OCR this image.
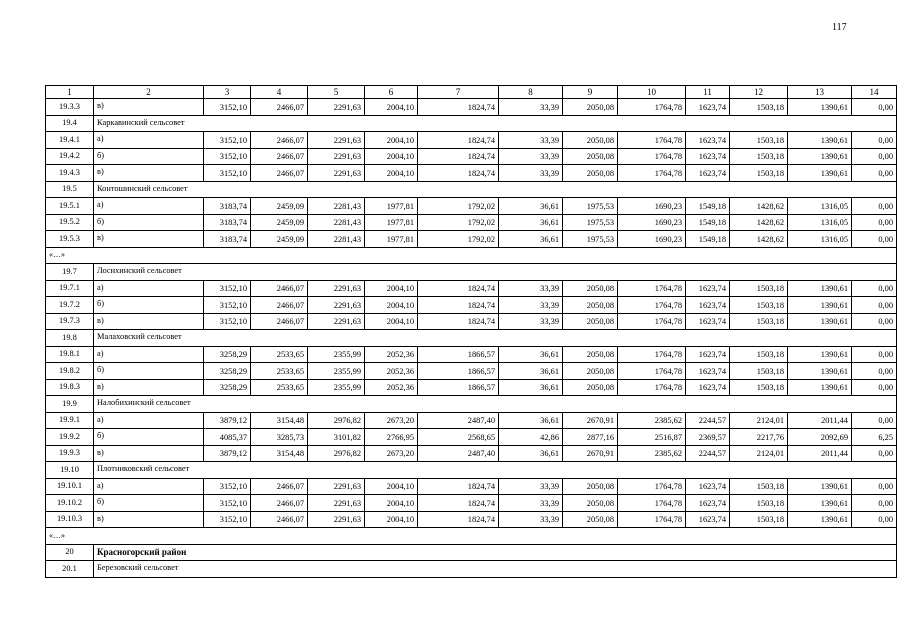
117
1	2	3	4	5	6	7	8	9	10	11	12	13	14
19.3.3	в)	3152,10	2466,07	2291,63	2004,10	1824,74	33,39	2050,08	1764,78	1623,74	1503,18	1390,61	0,00
19.4	Каркавинский сельсовет												
19.4.1	а)	3152,10	2466,07	2291,63	2004,10	1824,74	33,39	2050,08	1764,78	1623,74	1503,18	1390,61	0,00
19.4.2	б)	3152,10	2466,07	2291,63	2004,10	1824,74	33,39	2050,08	1764,78	1623,74	1503,18	1390,61	0,00
19.4.3	в)	3152,10	2466,07	2291,63	2004,10	1824,74	33,39	2050,08	1764,78	1623,74	1503,18	1390,61	0,00
19.5	Контошинский сельсовет												
19.5.1	а)	3183,74	2459,09	2281,43	1977,81	1792,02	36,61	1975,53	1690,23	1549,18	1428,62	1316,05	0,00
19.5.2	б)	3183,74	2459,09	2281,43	1977,81	1792,02	36,61	1975,53	1690,23	1549,18	1428,62	1316,05	0,00
19.5.3	в)	3183,74	2459,09	2281,43	1977,81	1792,02	36,61	1975,53	1690,23	1549,18	1428,62	1316,05	0,00
«…»													
19.7	Лосихинский сельсовет												
19.7.1	а)	3152,10	2466,07	2291,63	2004,10	1824,74	33,39	2050,08	1764,78	1623,74	1503,18	1390,61	0,00
19.7.2	б)	3152,10	2466,07	2291,63	2004,10	1824,74	33,39	2050,08	1764,78	1623,74	1503,18	1390,61	0,00
19.7.3	в)	3152,10	2466,07	2291,63	2004,10	1824,74	33,39	2050,08	1764,78	1623,74	1503,18	1390,61	0,00
19.8	Малаховский сельсовет												
19.8.1	а)	3258,29	2533,65	2355,99	2052,36	1866,57	36,61	2050,08	1764,78	1623,74	1503,18	1390,61	0,00
19.8.2	б)	3258,29	2533,65	2355,99	2052,36	1866,57	36,61	2050,08	1764,78	1623,74	1503,18	1390,61	0,00
19.8.3	в)	3258,29	2533,65	2355,99	2052,36	1866,57	36,61	2050,08	1764,78	1623,74	1503,18	1390,61	0,00
19.9	Налобихинский сельсовет												
19.9.1	а)	3879,12	3154,48	2976,82	2673,20	2487,40	36,61	2670,91	2385,62	2244,57	2124,01	2011,44	0,00
19.9.2	б)	4085,37	3285,73	3101,82	2766,95	2568,65	42,86	2877,16	2516,87	2369,57	2217,76	2092,69	6,25
19.9.3	в)	3879,12	3154,48	2976,82	2673,20	2487,40	36,61	2670,91	2385,62	2244,57	2124,01	2011,44	0,00
19.10	Плотниковский сельсовет												
19.10.1	а)	3152,10	2466,07	2291,63	2004,10	1824,74	33,39	2050,08	1764,78	1623,74	1503,18	1390,61	0,00
19.10.2	б)	3152,10	2466,07	2291,63	2004,10	1824,74	33,39	2050,08	1764,78	1623,74	1503,18	1390,61	0,00
19.10.3	в)	3152,10	2466,07	2291,63	2004,10	1824,74	33,39	2050,08	1764,78	1623,74	1503,18	1390,61	0,00
«…»													
20	Красногорский район												
20.1	Березовский сельсовет												
